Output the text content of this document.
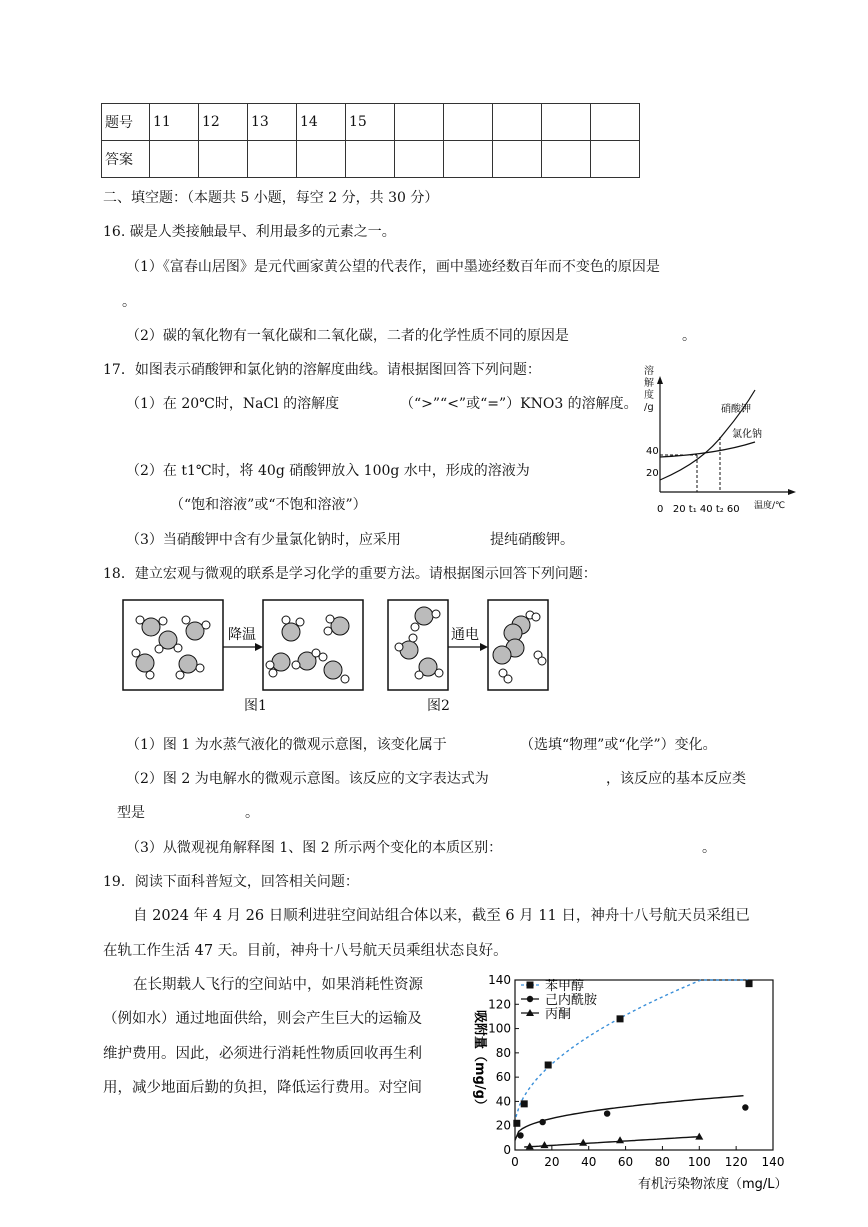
题号	11	12	13	14	15					
答案										
二、填空题：（本题共 5 小题，每空 2 分，共 30 分）
16. 碳是人类接触最早、利用最多的元素之一。
（1）《富春山居图》是元代画家黄公望的代表作，画中墨迹经数百年而不变色的原因是
。
（2）碳的氧化物有一氧化碳和二氧化碳，二者的化学性质不同的原因是	。
17．如图表示硝酸钾和氯化钠的溶解度曲线。请根据图回答下列问题：
（1）在 20℃时，NaCl 的溶解度	（“>”“<”或“=”）KNO3 的溶解度。
（2）在 t1℃时，将 40g 硝酸钾放入 100g 水中，形成的溶液为
（“饱和溶液”或“不饱和溶液”）
（3）当硝酸钾中含有少量氯化钠时，应采用	提纯硝酸钾。
溶
解
度
/g	硝酸钾
氯化钠
40
20
0   20 t₁ 40 t₂ 60 温度/℃
18．建立宏观与微观的联系是学习化学的重要方法。请根据图示回答下列问题：
降温	通电
图1	图2
（1）图 1 为水蒸气液化的微观示意图，该变化属于	（选填“物理”或“化学”）变化。
（2）图 2 为电解水的微观示意图。该反应的文字表达式为	，该反应的基本反应类
型是	。
（3）从微观视角解释图 1、图 2 所示两个变化的本质区别：	。
19．阅读下面科普短文，回答相关问题：
自 2024 年 4 月 26 日顺利进驻空间站组合体以来，截至 6 月 11 日，神舟十八号航天员采组已
在轨工作生活 47 天。目前，神舟十八号航天员乘组状态良好。
在长期载人飞行的空间站中，如果消耗性资源
（例如水）通过地面供给，则会产生巨大的运输及
维护费用。因此，必须进行消耗性物质回收再生利
用，减少地面后勤的负担，降低运行费用。对空间
0 20 40 60 80 100 120 140
0
20
40
60
80
100
120
140	苯甲醇
己内酰胺
丙酮
吸附量（mg/g）
有机污染物浓度（mg/L）
